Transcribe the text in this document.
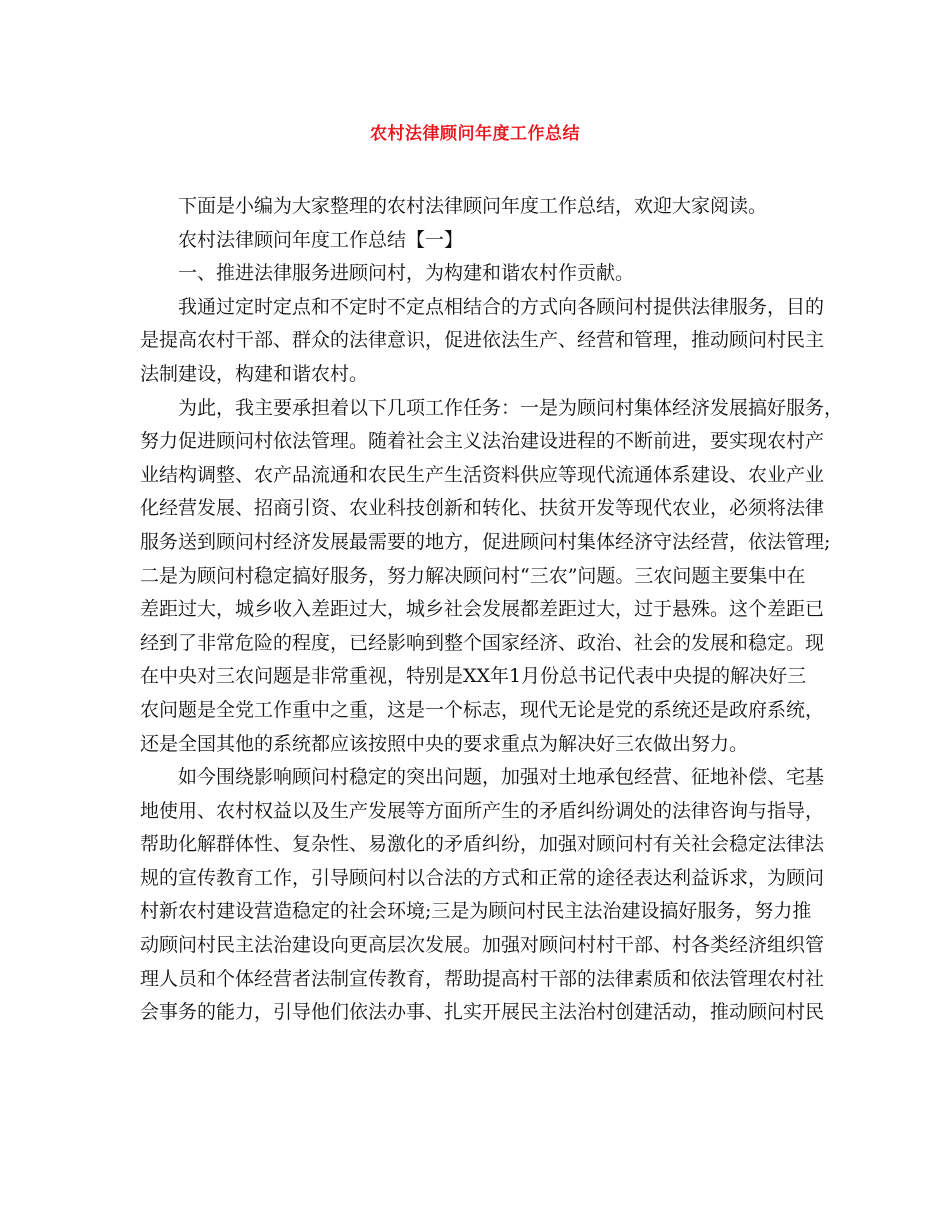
农村法律顾问年度工作总结
下面是小编为大家整理的农村法律顾问年度工作总结，欢迎大家阅读。
农村法律顾问年度工作总结【一】
一、推进法律服务进顾问村，为构建和谐农村作贡献。
我通过定时定点和不定时不定点相结合的方式向各顾问村提供法律服务，目的
是提高农村干部、群众的法律意识，促进依法生产、经营和管理，推动顾问村民主
法制建设，构建和谐农村。
为此，我主要承担着以下几项工作任务：一是为顾问村集体经济发展搞好服务，
努力促进顾问村依法管理。随着社会主义法治建设进程的不断前进，要实现农村产
业结构调整、农产品流通和农民生产生活资料供应等现代流通体系建设、农业产业
化经营发展、招商引资、农业科技创新和转化、扶贫开发等现代农业，必须将法律
服务送到顾问村经济发展最需要的地方，促进顾问村集体经济守法经营，依法管理;
二是为顾问村稳定搞好服务，努力解决顾问村“三农”问题。三农问题主要集中在
差距过大，城乡收入差距过大，城乡社会发展都差距过大，过于悬殊。这个差距已
经到了非常危险的程度，已经影响到整个国家经济、政治、社会的发展和稳定。现
在中央对三农问题是非常重视，特别是XX年1月份总书记代表中央提的解决好三
农问题是全党工作重中之重，这是一个标志，现代无论是党的系统还是政府系统，
还是全国其他的系统都应该按照中央的要求重点为解决好三农做出努力。
如今围绕影响顾问村稳定的突出问题，加强对土地承包经营、征地补偿、宅基
地使用、农村权益以及生产发展等方面所产生的矛盾纠纷调处的法律咨询与指导，
帮助化解群体性、复杂性、易激化的矛盾纠纷，加强对顾问村有关社会稳定法律法
规的宣传教育工作，引导顾问村以合法的方式和正常的途径表达利益诉求，为顾问
村新农村建设营造稳定的社会环境;三是为顾问村民主法治建设搞好服务，努力推
动顾问村民主法治建设向更高层次发展。加强对顾问村村干部、村各类经济组织管
理人员和个体经营者法制宣传教育，帮助提高村干部的法律素质和依法管理农村社
会事务的能力，引导他们依法办事、扎实开展民主法治村创建活动，推动顾问村民
